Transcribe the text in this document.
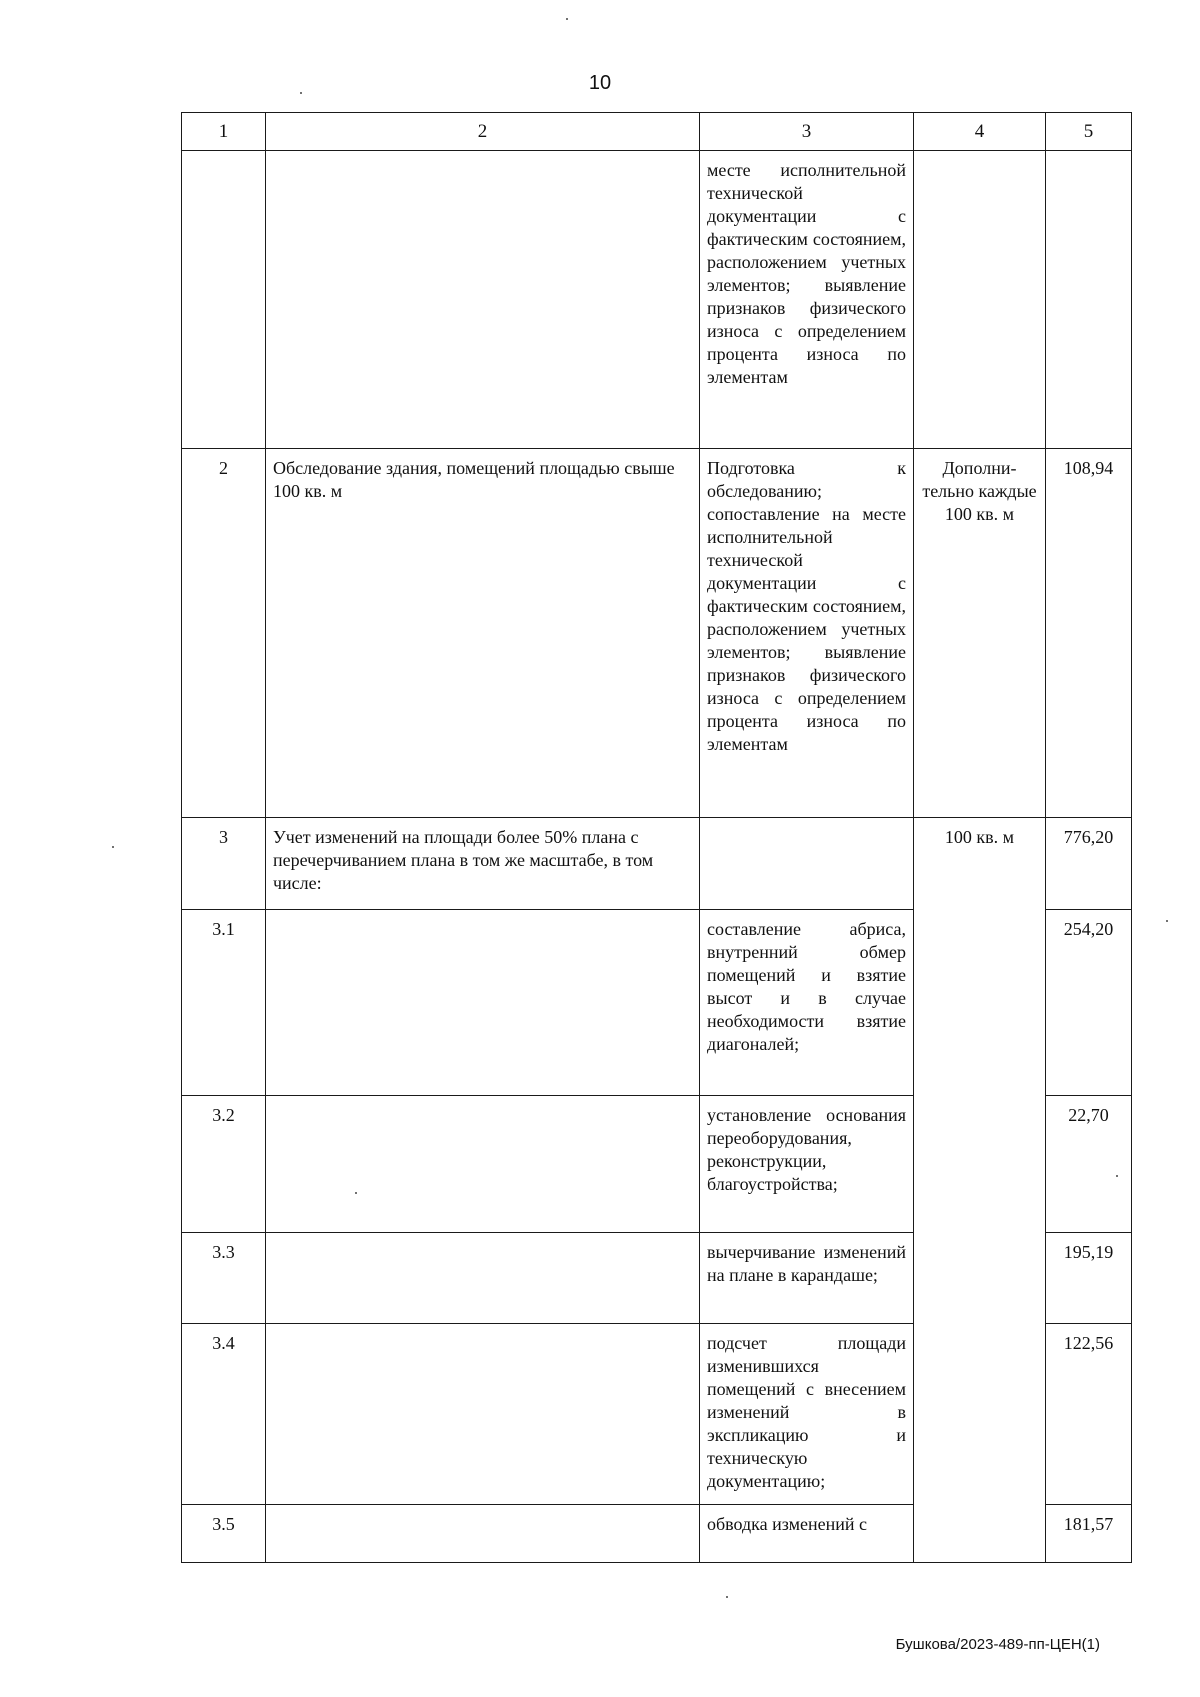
10
1	2	3	4	5
		месте исполнительной технической документации с фактическим состоянием, расположением учетных элементов; выявление признаков физического износа с определением процента износа по элементам		
2	Обследование здания, помещений площадью свыше 100 кв. м	Подготовка к обследованию; сопоставление на месте исполнительной технической документации с фактическим состоянием, расположением учетных элементов; выявление признаков физического износа с определением процента износа по элементам	Дополни-тельно каждые 100 кв. м	108,94
3	Учет изменений на площади более 50% плана с перечерчиванием плана в том же масштабе, в том числе:		100 кв. м	776,20
3.1		составление абриса, внутренний обмер помещений и взятие высот и в случае необходимости взятие диагоналей;		254,20
3.2		установление основания переоборудования, реконструкции, благоустройства;		22,70
3.3		вычерчивание изменений на плане в карандаше;		195,19
3.4		подсчет площади изменившихся помещений с внесением изменений в экспликацию и техническую документацию;		122,56
3.5		обводка изменений с		181,57
Бушкова/2023-489-пп-ЦЕН(1)
